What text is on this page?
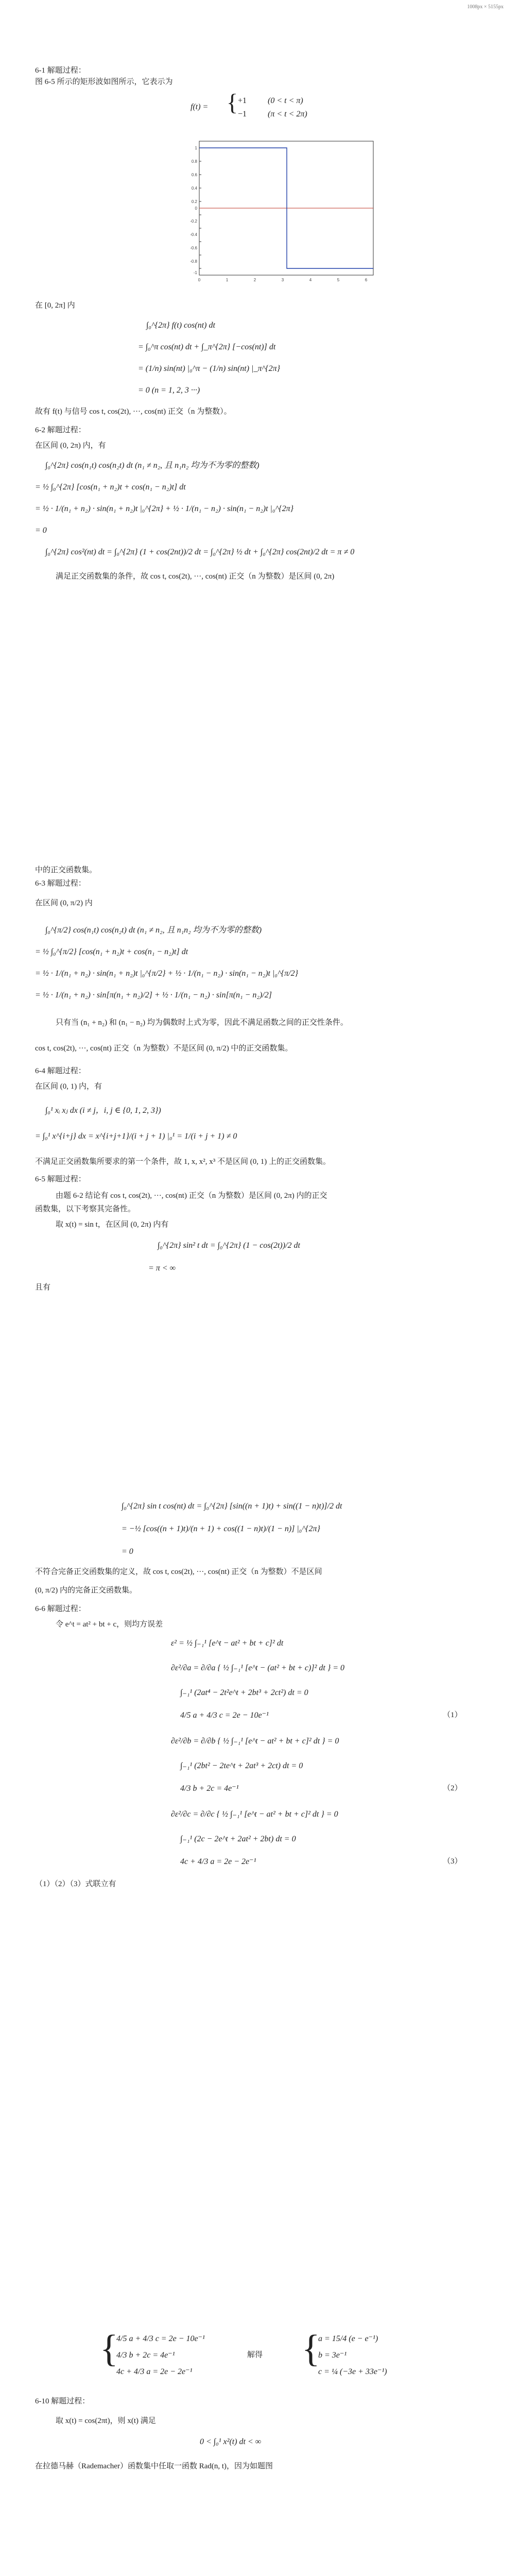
1008px × 5155px
6-1 解题过程：
图 6-5 所示的矩形波如图所示，它表示为
f(t) = { +1	(0 < t < π)
−1	(π < t < 2π)
1
0.8
0.6
0.4
0.2
0
-0.2
-0.4
-0.6
-0.8
-1
0	1	2	3	4	5	6
在 [0, 2π] 内
∫₀^{2π} f(t) cos(nt) dt
= ∫₀^π cos(nt) dt + ∫_π^{2π} [−cos(nt)] dt
= (1/n) sin(nt) |₀^π − (1/n) sin(nt) |_π^{2π}
= 0 (n = 1, 2, 3 ···)
故有 f(t) 与信号 cos t, cos(2t), ···, cos(nt) 正交（n 为整数）。
6-2 解题过程：
在区间 (0, 2π) 内，有
∫₀^{2π} cos(n₁t) cos(n₂t) dt (n₁ ≠ n₂, 且 n₁n₂ 均为不为零的整数)
= ½ ∫₀^{2π} [cos(n₁ + n₂)t + cos(n₁ − n₂)t] dt
= ½ · 1/(n₁ + n₂) · sin(n₁ + n₂)t |₀^{2π} + ½ · 1/(n₁ − n₂) · sin(n₁ − n₂)t |₀^{2π}
= 0
∫₀^{2π} cos²(nt) dt = ∫₀^{2π} (1 + cos(2nt))/2 dt = ∫₀^{2π} ½ dt + ∫₀^{2π} cos(2nt)/2 dt = π ≠ 0
满足正交函数集的条件，故 cos t, cos(2t), ···, cos(nt) 正交（n 为整数）是区间 (0, 2π)
中的正交函数集。
6-3 解题过程：
在区间 (0, π/2) 内
∫₀^{π/2} cos(n₁t) cos(n₂t) dt (n₁ ≠ n₂, 且 n₁n₂ 均为不为零的整数)
= ½ ∫₀^{π/2} [cos(n₁ + n₂)t + cos(n₁ − n₂)t] dt
= ½ · 1/(n₁ + n₂) · sin(n₁ + n₂)t |₀^{π/2} + ½ · 1/(n₁ − n₂) · sin(n₁ − n₂)t |₀^{π/2}
= ½ · 1/(n₁ + n₂) · sin[π(n₁ + n₂)/2] + ½ · 1/(n₁ − n₂) · sin[π(n₁ − n₂)/2]
只有当 (n₁ + n₂) 和 (n₁ − n₂) 均为偶数时上式为零，因此不满足函数之间的正交性条件。
cos t, cos(2t), ···, cos(nt) 正交（n 为整数）不是区间 (0, π/2) 中的正交函数集。
6-4 解题过程：
在区间 (0, 1) 内，有
∫₀¹ xᵢ xⱼ dx (i ≠ j，i, j ∈ {0, 1, 2, 3})
= ∫₀¹ x^{i+j} dx = x^{i+j+1}/(i + j + 1) |₀¹ = 1/(i + j + 1) ≠ 0
不满足正交函数集所要求的第一个条件，故 1, x, x², x³ 不是区间 (0, 1) 上的正交函数集。
6-5 解题过程：
由题 6-2 结论有 cos t, cos(2t), ···, cos(nt) 正交（n 为整数）是区间 (0, 2π) 内的正交
函数集，以下考察其完备性。
取 x(t) = sin t，在区间 (0, 2π) 内有
∫₀^{2π} sin² t dt = ∫₀^{2π} (1 − cos(2t))/2 dt
= π < ∞
且有
∫₀^{2π} sin t cos(nt) dt = ∫₀^{2π} [sin((n + 1)t) + sin((1 − n)t)]/2 dt
= −½ [cos((n + 1)t)/(n + 1) + cos((1 − n)t)/(1 − n)] |₀^{2π}
= 0
不符合完备正交函数集的定义，故 cos t, cos(2t), ···, cos(nt) 正交（n 为整数）不是区间
(0, π/2) 内的完备正交函数集。
6-6 解题过程：
令 e^t = at² + bt + c，则均方误差
ε² = ½ ∫₋₁¹ [e^t − at² + bt + c]² dt
∂ε²/∂a = ∂/∂a { ½ ∫₋₁¹ [e^t − (at² + bt + c)]² dt } = 0
∫₋₁¹ (2at⁴ − 2t²e^t + 2bt³ + 2ct²) dt = 0
4/5 a + 4/3 c = 2e − 10e⁻¹	（1）
∂ε²/∂b = ∂/∂b { ½ ∫₋₁¹ [e^t − at² + bt + c]² dt } = 0
∫₋₁¹ (2bt² − 2te^t + 2at³ + 2ct) dt = 0
4/3 b + 2c = 4e⁻¹	（2）
∂ε²/∂c = ∂/∂c { ½ ∫₋₁¹ [e^t − at² + bt + c]² dt } = 0
∫₋₁¹ (2c − 2e^t + 2at² + 2bt) dt = 0
4c + 4/3 a = 2e − 2e⁻¹	（3）
（1）（2）（3）式联立有
{
4/5 a + 4/3 c = 2e − 10e⁻¹
4/3 b + 2c = 4e⁻¹
4c + 4/3 a = 2e − 2e⁻¹
解得 {
a = 15/4 (e − e⁻¹)
b = 3e⁻¹
c = ¼ (−3e + 33e⁻¹)
6-10 解题过程：
取 x(t) = cos(2πt)，则 x(t) 满足
0 < ∫₀¹ x²(t) dt < ∞
在拉德马赫（Rademacher）函数集中任取一函数 Rad(n, t)，因为如题图
